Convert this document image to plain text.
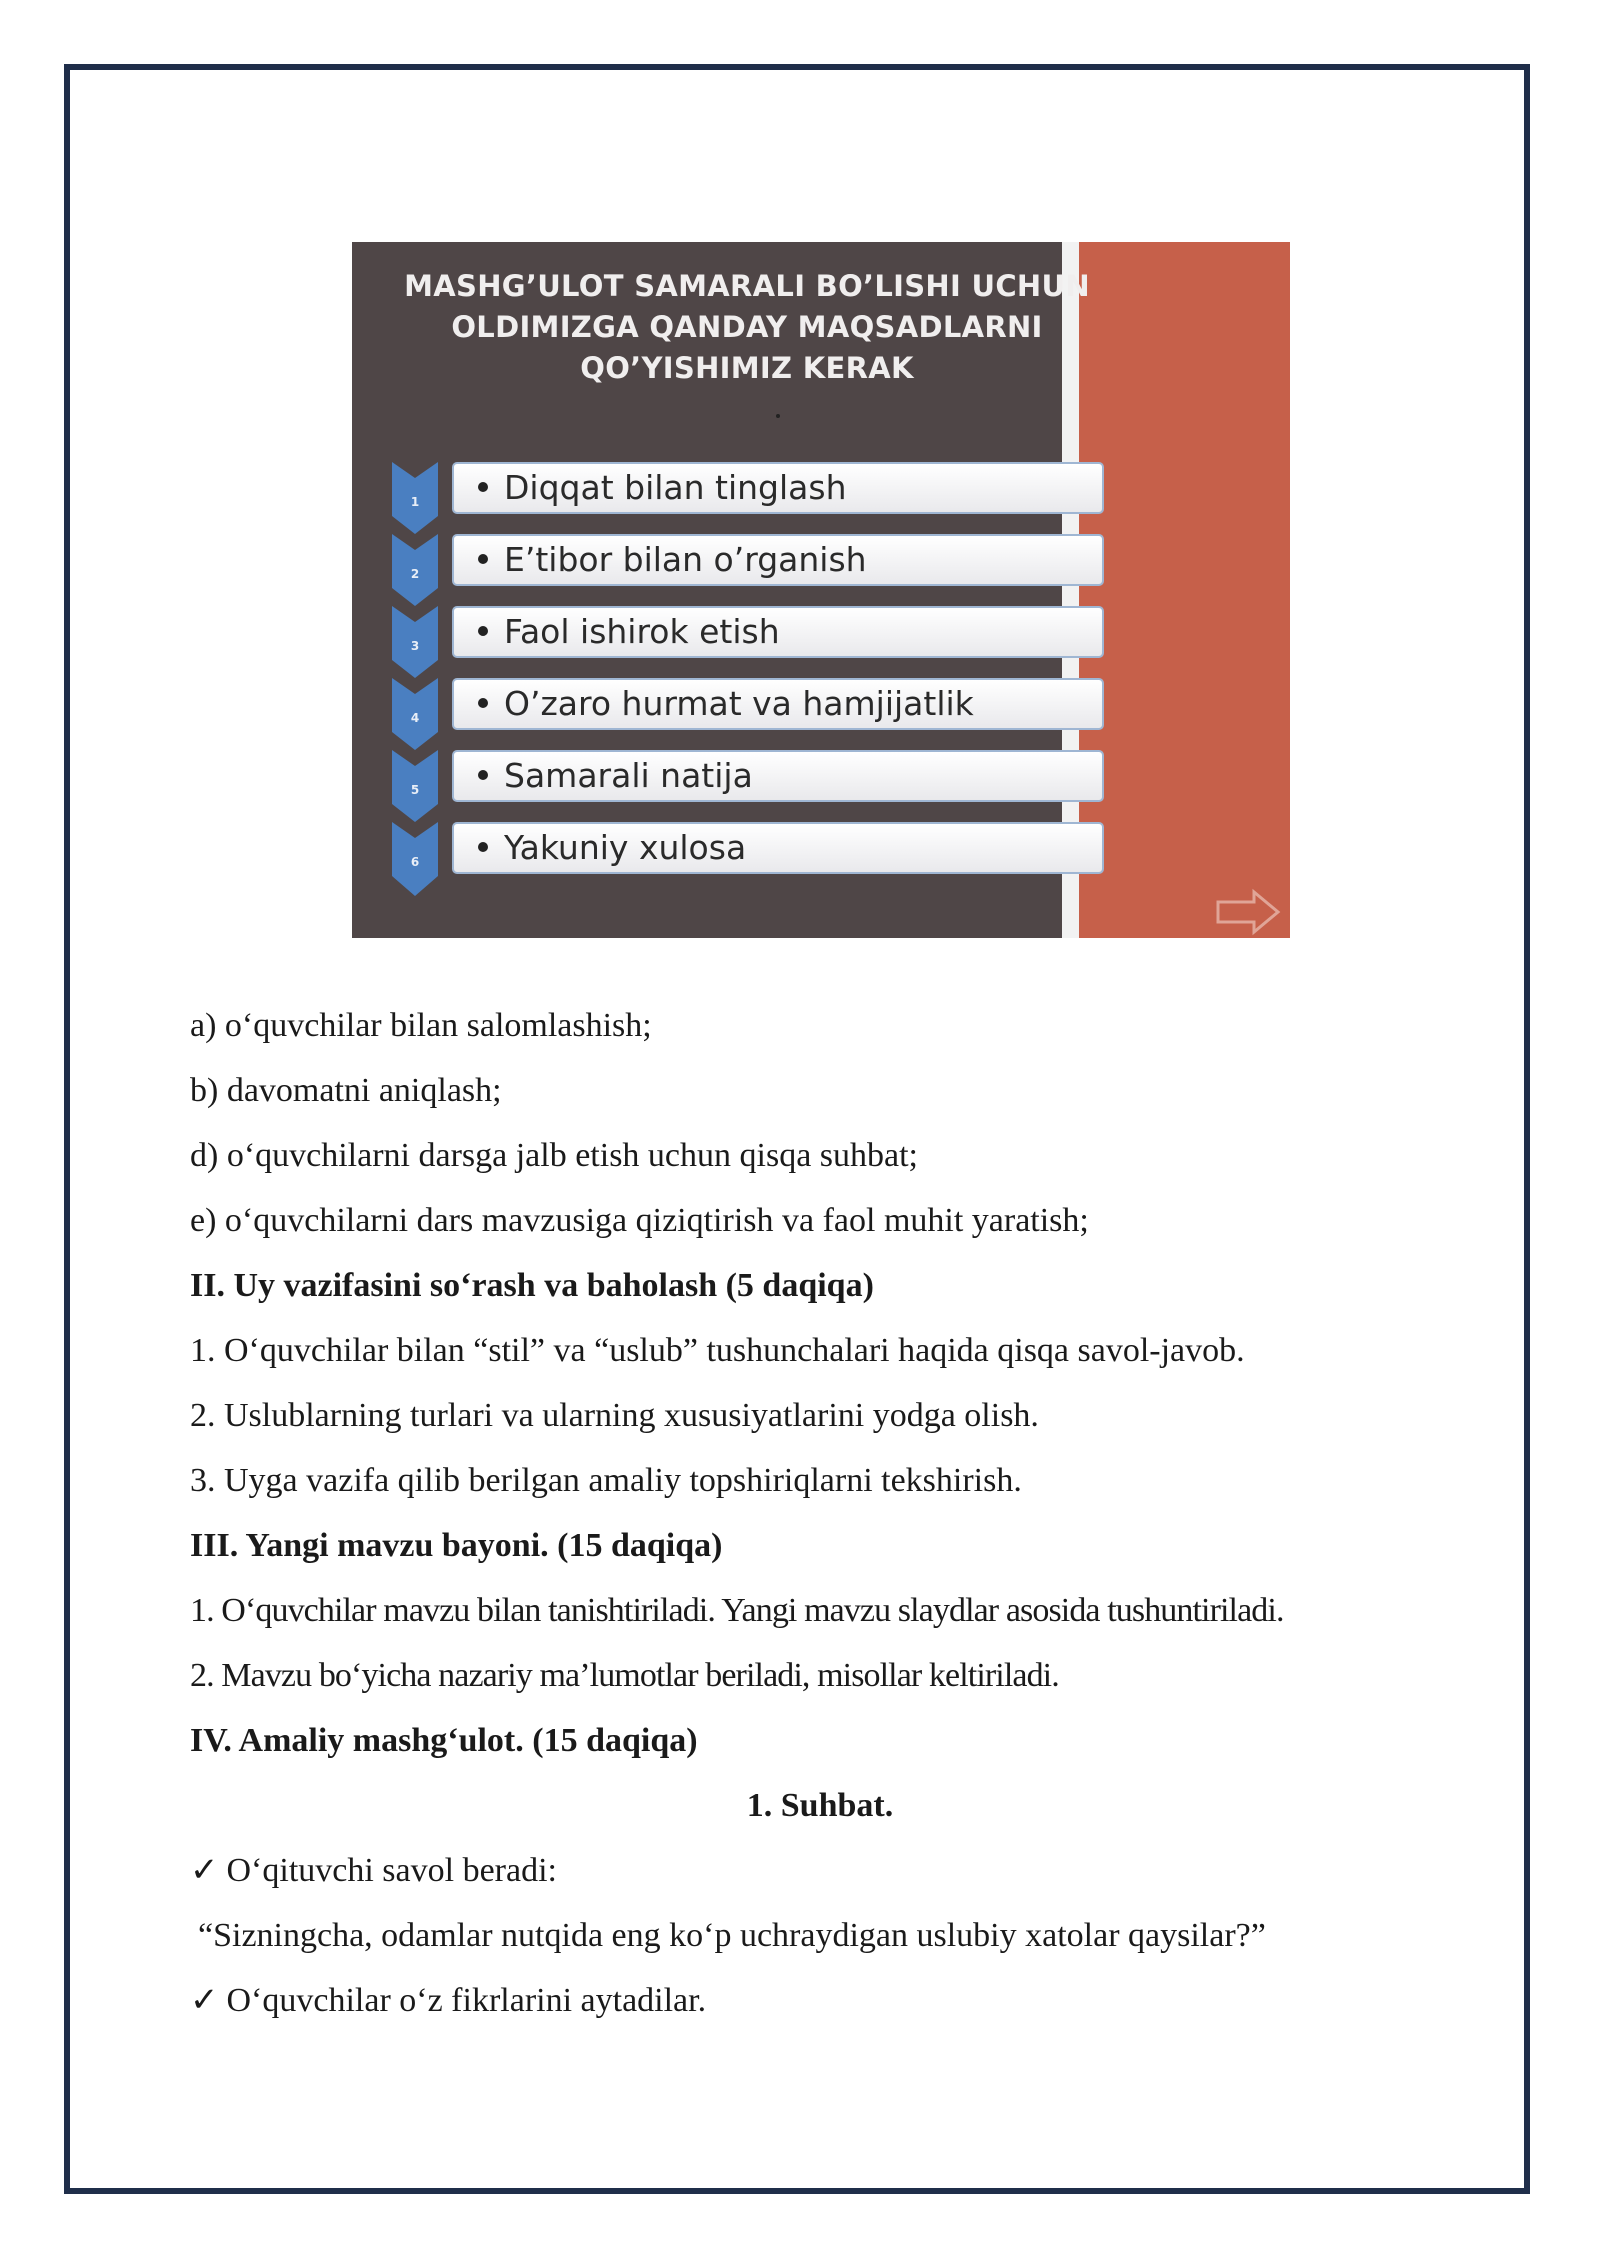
MASHG’ULOT SAMARALI BO’LISHI UCHUN
OLDIMIZGA QANDAY MAQSADLARNI
QO’YISHIMIZ KERAK
1
2
3
4
5
6
Diqqat bilan tinglash
E’tibor bilan o’rganish
Faol ishirok etish
O’zaro hurmat va hamjijatlik
Samarali natija
Yakuniy xulosa
a) o‘quvchilar bilan salomlashish;
b) davomatni aniqlash;
d) o‘quvchilarni darsga jalb etish uchun qisqa suhbat;
e) o‘quvchilarni dars mavzusiga qiziqtirish va faol muhit yaratish;
II. Uy vazifasini so‘rash va baholash (5 daqiqa)
1. O‘quvchilar bilan “stil” va “uslub” tushunchalari haqida qisqa savol-javob.
2. Uslublarning turlari va ularning xususiyatlarini yodga olish.
3. Uyga vazifa qilib berilgan amaliy topshiriqlarni tekshirish.
III. Yangi mavzu bayoni. (15 daqiqa)
1. O‘quvchilar mavzu bilan tanishtiriladi. Yangi mavzu slaydlar asosida tushuntiriladi.
2. Mavzu bo‘yicha nazariy ma’lumotlar beriladi, misollar keltiriladi.
IV. Amaliy mashg‘ulot. (15 daqiqa)
1. Suhbat.
✓ O‘qituvchi savol beradi:
“Sizningcha, odamlar nutqida eng ko‘p uchraydigan uslubiy xatolar qaysilar?”
✓ O‘quvchilar o‘z fikrlarini aytadilar.
